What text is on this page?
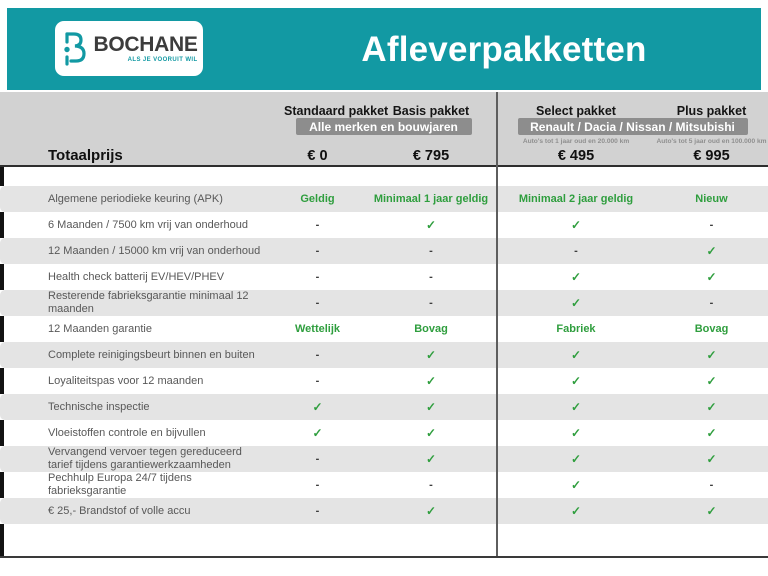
BOCHANE
ALS JE VOORUIT WIL	Afleverpakketten
Standaard pakket Basis pakket	Select pakket	Plus pakket
Alle merken en bouwjaren	Renault / Dacia / Nissan / Mitsubishi
Auto's tot 1 jaar oud en 20.000 km	Auto's tot 5 jaar oud en 100.000 km
Totaalprijs	€ 0	€ 795	€ 495	€ 995
Algemene periodieke keuring (APK)	Geldig	Minimaal 1 jaar geldig	Minimaal 2 jaar geldig	Nieuw
6 Maanden / 7500 km vrij van onderhoud	-	✓	✓	-
12 Maanden / 15000 km vrij van onderhoud	-	-	-	✓
Health check batterij EV/HEV/PHEV	-	-	✓	✓
Resterende fabrieksgarantie minimaal 12 maanden	-	-	✓	-
12 Maanden garantie	Wettelijk	Bovag	Fabriek	Bovag
Complete reinigingsbeurt binnen en buiten	-	✓	✓	✓
Loyaliteitspas voor 12 maanden	-	✓	✓	✓
Technische inspectie	✓	✓	✓	✓
Vloeistoffen controle en bijvullen	✓	✓	✓	✓
Vervangend vervoer tegen gereduceerd tarief tijdens garantiewerkzaamheden	-	✓	✓	✓
Pechhulp Europa 24/7 tijdens fabrieksgarantie	-	-	✓	-
€ 25,- Brandstof of volle accu	-	✓	✓	✓
